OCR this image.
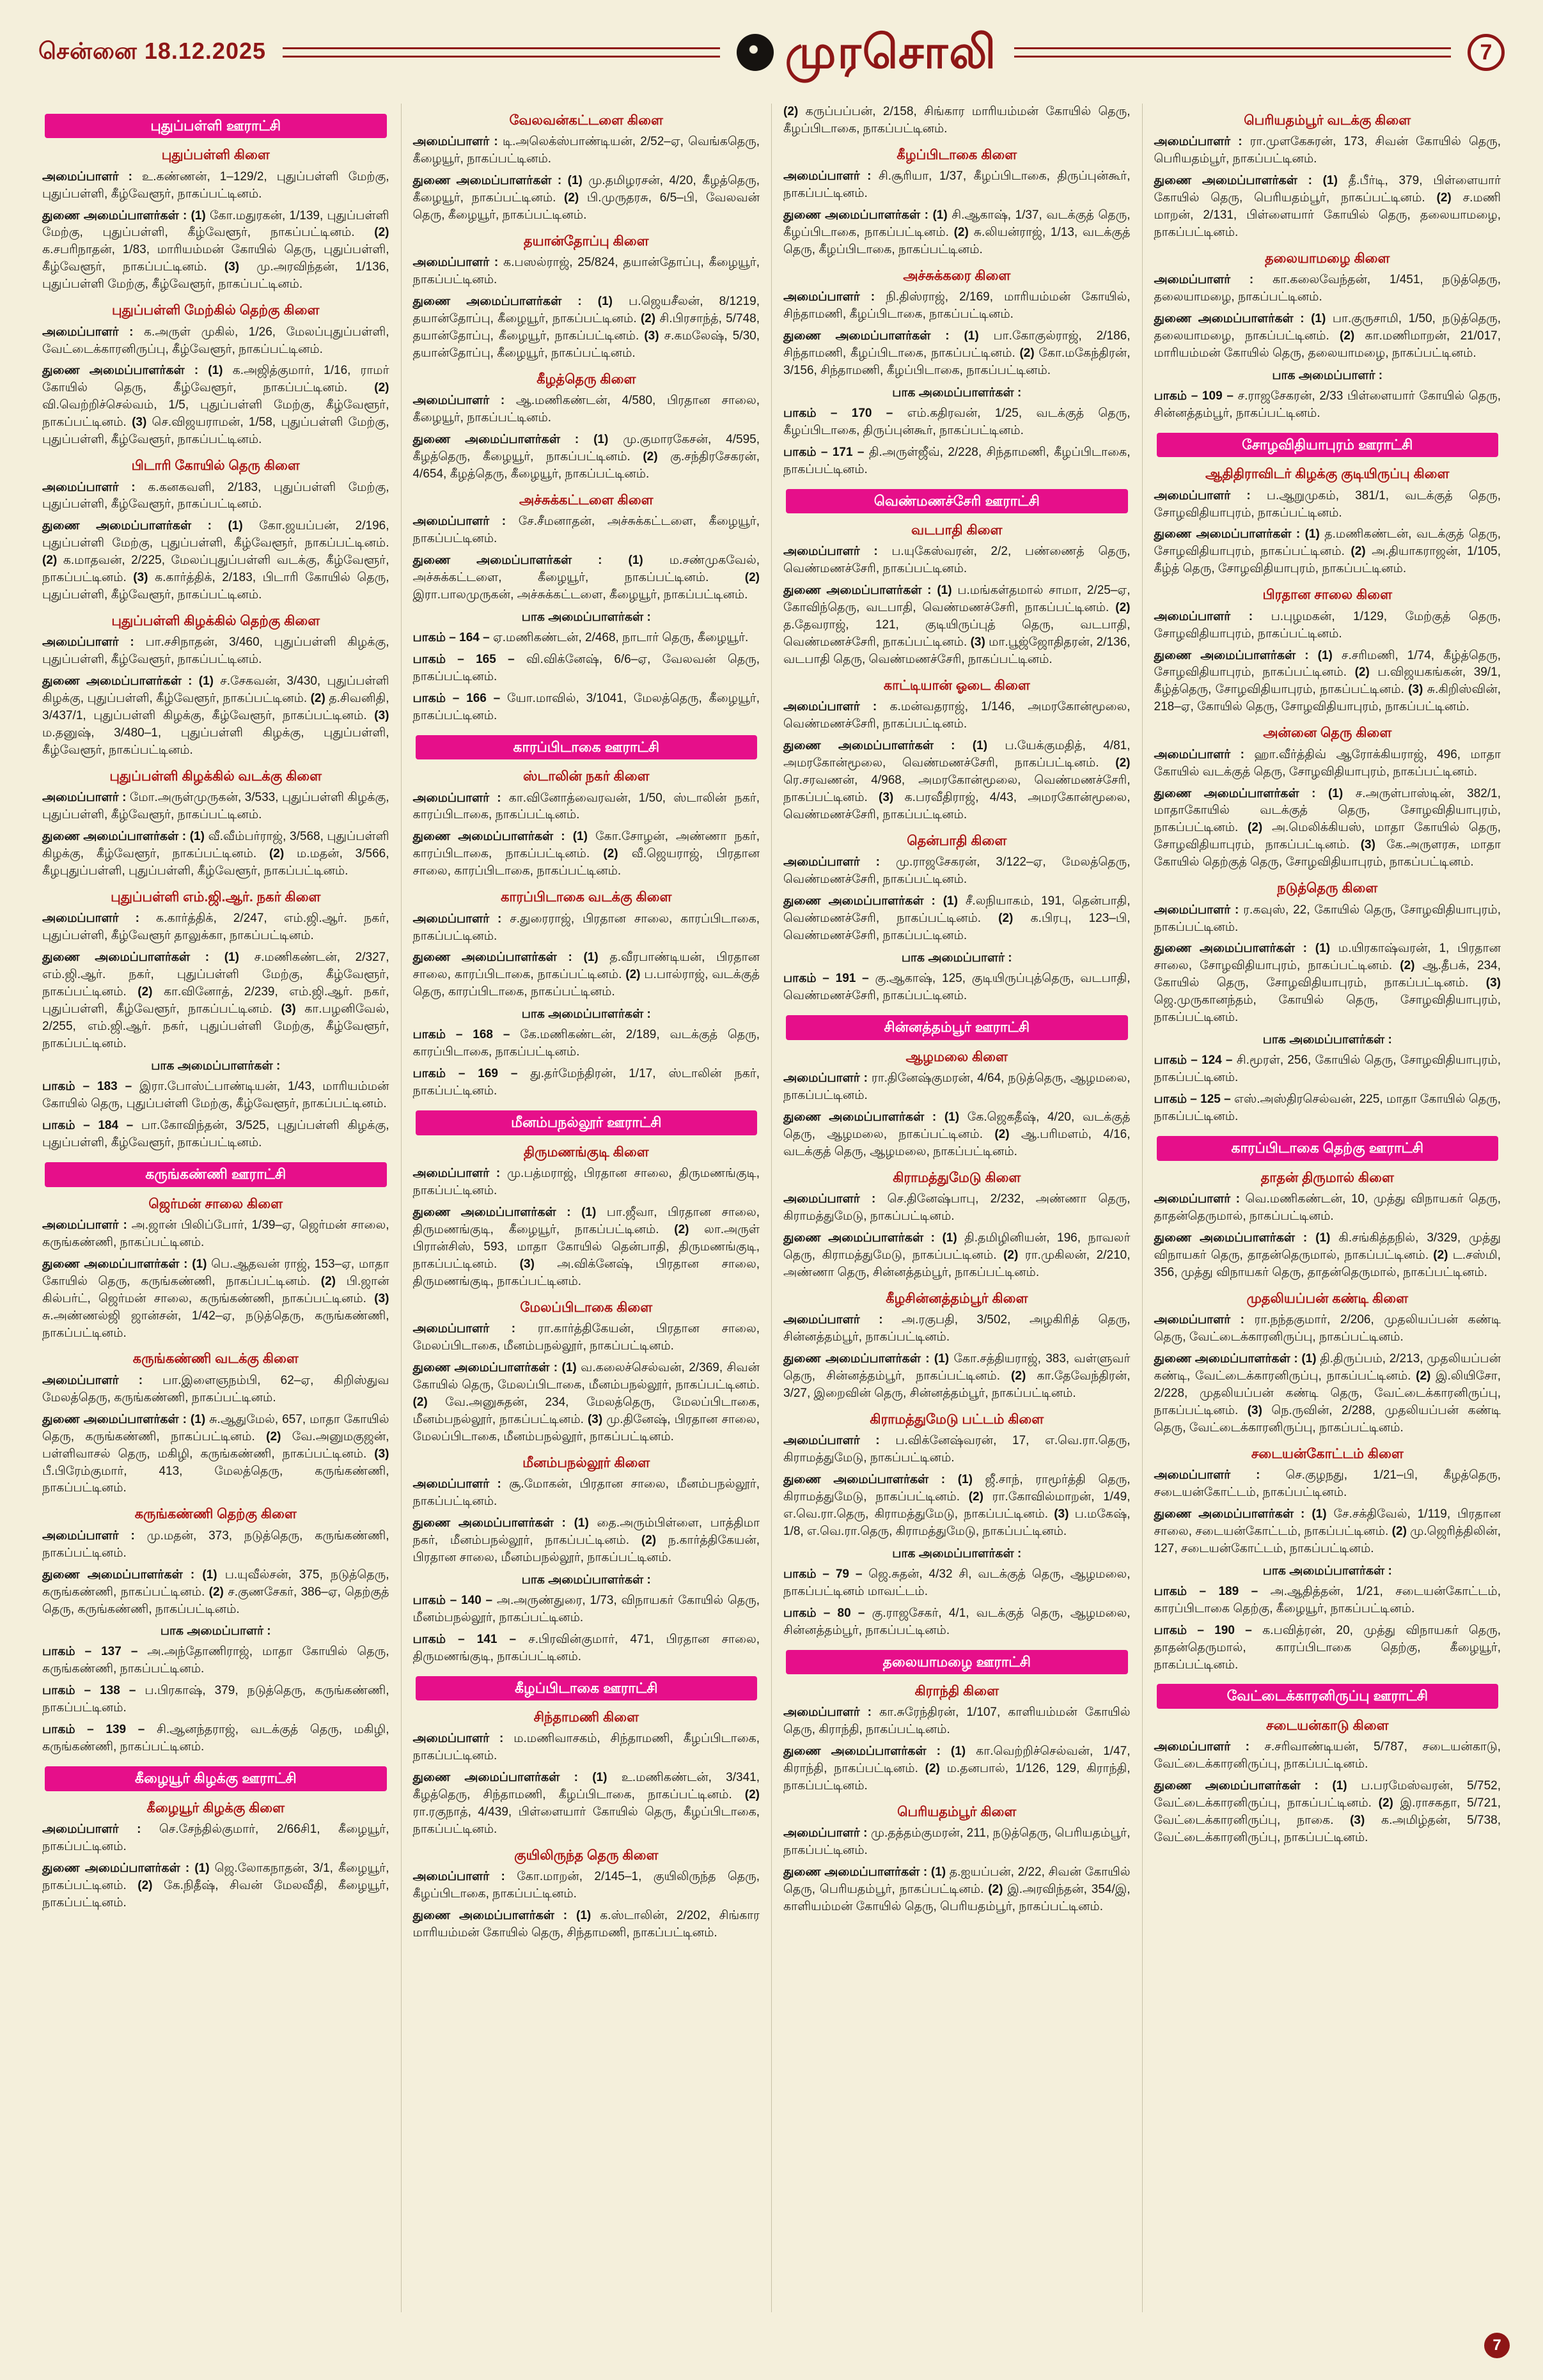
சென்னை 18.12.2025	முரசொலி	7
புதுப்பள்ளி ஊராட்சி
புதுப்பள்ளி கிளை

அமைப்பாளர் : உ.கண்ணன், 1–129/2, புதுப்பள்ளி மேற்கு, புதுப்பள்ளி, கீழ்வேளூர், நாகப்பட்டினம்.

துணை அமைப்பாளர்கள் : (1) கோ.மதுரகன், 1/139, புதுப்பள்ளி மேற்கு, புதுப்பள்ளி, கீழ்வேளூர், நாகப்பட்டினம். (2) க.சபரிநாதன், 1/83, மாரியம்மன் கோயில் தெரு, புதுப்பள்ளி, கீழ்வேளூர், நாகப்பட்டினம். (3) மு.அரவிந்தன், 1/136, புதுப்பள்ளி மேற்கு, கீழ்வேளூர், நாகப்பட்டினம்.

புதுப்பள்ளி மேற்கில் தெற்கு கிளை

அமைப்பாளர் : க.அருள் முகில், 1/26, மேலப்புதுப்பள்ளி, வேட்டைக்காரனிருப்பு, கீழ்வேளூர், நாகப்பட்டினம்.

துணை அமைப்பாளர்கள் : (1) க.அஜித்குமார், 1/16, ராமர் கோயில் தெரு, கீழ்வேளூர், நாகப்பட்டினம். (2) வி.வெற்றிச்செல்வம், 1/5, புதுப்பள்ளி மேற்கு, கீழ்வேளூர், நாகப்பட்டினம். (3) செ.விஜயராமன், 1/58, புதுப்பள்ளி மேற்கு, புதுப்பள்ளி, கீழ்வேளூர், நாகப்பட்டினம்.

பிடாரி கோயில் தெரு கிளை

அமைப்பாளர் : க.கனகவளி, 2/183, புதுப்பள்ளி மேற்கு, புதுப்பள்ளி, கீழ்வேளூர், நாகப்பட்டினம்.

துணை அமைப்பாளர்கள் : (1) கோ.ஜயப்பன், 2/196, புதுப்பள்ளி மேற்கு, புதுப்பள்ளி, கீழ்வேளூர், நாகப்பட்டினம். (2) க.மாதவன், 2/225, மேலப்புதுப்பள்ளி வடக்கு, கீழ்வேளூர், நாகப்பட்டினம். (3) க.கார்த்திக், 2/183, பிடாரி கோயில் தெரு, புதுப்பள்ளி, கீழ்வேளூர், நாகப்பட்டினம்.

புதுப்பள்ளி கிழக்கில் தெற்கு கிளை

அமைப்பாளர் : பா.சசிநாதன், 3/460, புதுப்பள்ளி கிழக்கு, புதுப்பள்ளி, கீழ்வேளூர், நாகப்பட்டினம்.

துணை அமைப்பாளர்கள் : (1) ச.சேகவன், 3/430, புதுப்பள்ளி கிழக்கு, புதுப்பள்ளி, கீழ்வேளூர், நாகப்பட்டினம். (2) த.சிவனிதி, 3/437/1, புதுப்பள்ளி கிழக்கு, கீழ்வேளூர், நாகப்பட்டினம். (3) ம.தனுஷ், 3/480–1, புதுப்பள்ளி கிழக்கு, புதுப்பள்ளி, கீழ்வேளூர், நாகப்பட்டினம்.

புதுப்பள்ளி கிழக்கில் வடக்கு கிளை

அமைப்பாளர் : மோ.அருள்முருகன், 3/533, புதுப்பள்ளி கிழக்கு, புதுப்பள்ளி, கீழ்வேளூர், நாகப்பட்டினம்.

துணை அமைப்பாளர்கள் : (1) வீ.வீம்பர்ராஜ், 3/568, புதுப்பள்ளி கிழக்கு, கீழ்வேளூர், நாகப்பட்டினம். (2) ம.மதன், 3/566, கீழபுதுப்பள்ளி, புதுப்பள்ளி, கீழ்வேளூர், நாகப்பட்டினம்.

புதுப்பள்ளி எம்.ஜி.ஆர். நகர் கிளை

அமைப்பாளர் : க.கார்த்திக், 2/247, எம்.ஜி.ஆர். நகர், புதுப்பள்ளி, கீழ்வேளூர் தாலுக்கா, நாகப்பட்டினம்.

துணை அமைப்பாளர்கள் : (1) ச.மணிகண்டன், 2/327, எம்.ஜி.ஆர். நகர், புதுப்பள்ளி மேற்கு, கீழ்வேளூர், நாகப்பட்டினம். (2) கா.வினோத், 2/239, எம்.ஜி.ஆர். நகர், புதுப்பள்ளி, கீழ்வேளூர், நாகப்பட்டினம். (3) கா.பழனிவேல், 2/255, எம்.ஜி.ஆர். நகர், புதுப்பள்ளி மேற்கு, கீழ்வேளூர், நாகப்பட்டினம்.

பாக அமைப்பாளர்கள் :

பாகம் – 183 – இரா.போஸ்ட்பாண்டியன், 1/43, மாரியம்மன் கோயில் தெரு, புதுப்பள்ளி மேற்கு, கீழ்வேளூர், நாகப்பட்டினம்.

பாகம் – 184 – பா.கோவிந்தன், 3/525, புதுப்பள்ளி கிழக்கு, புதுப்பள்ளி, கீழ்வேளூர், நாகப்பட்டினம்.

கருங்கண்ணி ஊராட்சி
ஜெர்மன் சாலை கிளை

அமைப்பாளர் : அ.ஜான் பிலிப்போர், 1/39–ஏ, ஜெர்மன் சாலை, கருங்கண்ணி, நாகப்பட்டினம்.

துணை அமைப்பாளர்கள் : (1) பெ.ஆதவன் ராஜ், 153–ஏ, மாதா கோயில் தெரு, கருங்கண்ணி, நாகப்பட்டினம். (2) பி.ஜான் கில்பர்ட், ஜெர்மன் சாலை, கருங்கண்ணி, நாகப்பட்டினம். (3) சு.அண்ணல்ஜி ஜான்சன், 1/42–ஏ, நடுத்தெரு, கருங்கண்ணி, நாகப்பட்டினம்.

கருங்கண்ணி வடக்கு கிளை

அமைப்பாளர் : பா.இளைஞநம்பி, 62–ஏ, கிறிஸ்துவ மேலத்தெரு, கருங்கண்ணி, நாகப்பட்டினம்.

துணை அமைப்பாளர்கள் : (1) சு.ஆதுமேல், 657, மாதா கோயில் தெரு, கருங்கண்ணி, நாகப்பட்டினம். (2) வே.அனுமகுஜன், பள்ளிவாசல் தெரு, மகிழி, கருங்கண்ணி, நாகப்பட்டினம். (3) பீ.பிரேம்குமார், 413, மேலத்தெரு, கருங்கண்ணி, நாகப்பட்டினம்.

கருங்கண்ணி தெற்கு கிளை

அமைப்பாளர் : மு.மதன், 373, நடுத்தெரு, கருங்கண்ணி, நாகப்பட்டினம்.

துணை அமைப்பாளர்கள் : (1) ப.யுவீல்சன், 375, நடுத்தெரு, கருங்கண்ணி, நாகப்பட்டினம். (2) ச.குணசேகர், 386–ஏ, தெற்குத் தெரு, கருங்கண்ணி, நாகப்பட்டினம்.

பாக அமைப்பாளர் :

பாகம் – 137 – அ.அந்தோணிராஜ், மாதா கோயில் தெரு, கருங்கண்ணி, நாகப்பட்டினம்.

பாகம் – 138 – ப.பிரகாஷ், 379, நடுத்தெரு, கருங்கண்ணி, நாகப்பட்டினம்.

பாகம் – 139 – சி.ஆனந்தராஜ், வடக்குத் தெரு, மகிழி, கருங்கண்ணி, நாகப்பட்டினம்.

கீழையூர் கிழக்கு ஊராட்சி
கீழையூர் கிழக்கு கிளை

அமைப்பாளர் : செ.சேந்தில்குமார், 2/66சி1, கீழையூர், நாகப்பட்டினம்.

துணை அமைப்பாளர்கள் : (1) ஜெ.லோகநாதன், 3/1, கீழையூர், நாகப்பட்டினம். (2) கே.நிதீஷ், சிவன் மேலவீதி, கீழையூர், நாகப்பட்டினம்.

வேலவன்கட்டளை கிளை

அமைப்பாளர் : டி.அலெக்ஸ்பாண்டியன், 2/52–ஏ, வெங்கதெரு, கீழையூர், நாகப்பட்டினம்.

துணை அமைப்பாளர்கள் : (1) மு.தமிழரசன், 4/20, கீழத்தெரு, கீழையூர், நாகப்பட்டினம். (2) பி.முருதரசு, 6/5–பி, வேலவன் தெரு, கீழையூர், நாகப்பட்டினம்.

தயான்தோப்பு கிளை

அமைப்பாளர் : க.பஸல்ராஜ், 25/824, தயான்தோப்பு, கீழையூர், நாகப்பட்டினம்.

துணை அமைப்பாளர்கள் : (1) ப.ஜெயசீலன், 8/1219, தயான்தோப்பு, கீழையூர், நாகப்பட்டினம். (2) சி.பிரசாந்த், 5/748, தயான்தோப்பு, கீழையூர், நாகப்பட்டினம். (3) ச.கமலேஷ், 5/30, தயான்தோப்பு, கீழையூர், நாகப்பட்டினம்.

கீழத்தெரு கிளை

அமைப்பாளர் : ஆ.மணிகண்டன், 4/580, பிரதான சாலை, கீழையூர், நாகப்பட்டினம்.

துணை அமைப்பாளர்கள் : (1) மு.குமாரகேசன், 4/595, கீழத்தெரு, கீழையூர், நாகப்பட்டினம். (2) கு.சந்திரசேகரன், 4/654, கீழத்தெரு, கீழையூர், நாகப்பட்டினம்.

அச்சுக்கட்டளை கிளை

அமைப்பாளர் : சே.சீமனாதன், அச்சுக்கட்டளை, கீழையூர், நாகப்பட்டினம்.

துணை அமைப்பாளர்கள் : (1) ம.சண்முகவேல், அச்சுக்கட்டளை, கீழையூர், நாகப்பட்டினம். (2) இரா.பாலமுருகன், அச்சுக்கட்டளை, கீழையூர், நாகப்பட்டினம்.

பாக அமைப்பாளர்கள் :

பாகம் – 164 – ஏ.மணிகண்டன், 2/468, நாடார் தெரு, கீழையூர்.

பாகம் – 165 – வி.விக்னேஷ், 6/6–ஏ, வேலவன் தெரு, நாகப்பட்டினம்.

பாகம் – 166 – யோ.மாவில், 3/1041, மேலத்தெரு, கீழையூர், நாகப்பட்டினம்.

காரப்பிடாகை ஊராட்சி
ஸ்டாலின் நகர் கிளை

அமைப்பாளர் : கா.வினோத்வைரவன், 1/50, ஸ்டாலின் நகர், காரப்பிடாகை, நாகப்பட்டினம்.

துணை அமைப்பாளர்கள் : (1) கோ.சோழன், அண்ணா நகர், காரப்பிடாகை, நாகப்பட்டினம். (2) வீ.ஜெயராஜ், பிரதான சாலை, காரப்பிடாகை, நாகப்பட்டினம்.

காரப்பிடாகை வடக்கு கிளை

அமைப்பாளர் : ச.துரைராஜ், பிரதான சாலை, காரப்பிடாகை, நாகப்பட்டினம்.

துணை அமைப்பாளர்கள் : (1) த.வீரபாண்டியன், பிரதான சாலை, காரப்பிடாகை, நாகப்பட்டினம். (2) ப.பால்ராஜ், வடக்குத் தெரு, காரப்பிடாகை, நாகப்பட்டினம்.

பாக அமைப்பாளர்கள் :

பாகம் – 168 – கே.மணிகண்டன், 2/189, வடக்குத் தெரு, காரப்பிடாகை, நாகப்பட்டினம்.

பாகம் – 169 – து.தர்மேந்திரன், 1/17, ஸ்டாலின் நகர், நாகப்பட்டினம்.

மீனம்பநல்லூர் ஊராட்சி
திருமணங்குடி கிளை

அமைப்பாளர் : மு.பத்மராஜ், பிரதான சாலை, திருமணங்குடி, நாகப்பட்டினம்.

துணை அமைப்பாளர்கள் : (1) பா.ஜீவா, பிரதான சாலை, திருமணங்குடி, கீழையூர், நாகப்பட்டினம். (2) லா.அருள் பிரான்சிஸ், 593, மாதா கோயில் தென்பாதி, திருமணங்குடி, நாகப்பட்டினம். (3) அ.விக்னேஷ், பிரதான சாலை, திருமணங்குடி, நாகப்பட்டினம்.

மேலப்பிடாகை கிளை

அமைப்பாளர் : ரா.கார்த்திகேயன், பிரதான சாலை, மேலப்பிடாகை, மீனம்பநல்லூர், நாகப்பட்டினம்.

துணை அமைப்பாளர்கள் : (1) வ.கலைச்செல்வன், 2/369, சிவன் கோயில் தெரு, மேலப்பிடாகை, மீனம்பநல்லூர், நாகப்பட்டினம். (2) வே.அனுசுதன், 234, மேலத்தெரு, மேலப்பிடாகை, மீனம்பநல்லூர், நாகப்பட்டினம். (3) மு.தினேஷ், பிரதான சாலை, மேலப்பிடாகை, மீனம்பநல்லூர், நாகப்பட்டினம்.

மீனம்பநல்லூர் கிளை

அமைப்பாளர் : சூ.மோகன், பிரதான சாலை, மீனம்பநல்லூர், நாகப்பட்டினம்.

துணை அமைப்பாளர்கள் : (1) தை.அரும்பிள்ளை, பாத்திமா நகர், மீனம்பநல்லூர், நாகப்பட்டினம். (2) ந.கார்த்திகேயன், பிரதான சாலை, மீனம்பநல்லூர், நாகப்பட்டினம்.

பாக அமைப்பாளர்கள் :

பாகம் – 140 – அ.அருண்துரை, 1/73, விநாயகர் கோயில் தெரு, மீனம்பநல்லூர், நாகப்பட்டினம்.

பாகம் – 141 – ச.பிரவின்குமார், 471, பிரதான சாலை, திருமணங்குடி, நாகப்பட்டினம்.

கீழப்பிடாகை ஊராட்சி
சிந்தாமணி கிளை

அமைப்பாளர் : ம.மணிவாசகம், சிந்தாமணி, கீழப்பிடாகை, நாகப்பட்டினம்.

துணை அமைப்பாளர்கள் : (1) உ.மணிகண்டன், 3/341, கீழத்தெரு, சிந்தாமணி, கீழப்பிடாகை, நாகப்பட்டினம். (2) ரா.ரகுநாத், 4/439, பிள்ளையார் கோயில் தெரு, கீழப்பிடாகை, நாகப்பட்டினம்.

குயிலிருந்த தெரு கிளை

அமைப்பாளர் : கோ.மாறன், 2/145–1, குயிலிருந்த தெரு, கீழப்பிடாகை, நாகப்பட்டினம்.

துணை அமைப்பாளர்கள் : (1) க.ஸ்டாலின், 2/202, சிங்கார மாரியம்மன் கோயில் தெரு, சிந்தாமணி, நாகப்பட்டினம்.

(2) கருப்பப்பன், 2/158, சிங்கார மாரியம்மன் கோயில் தெரு, கீழப்பிடாகை, நாகப்பட்டினம்.

கீழப்பிடாகை கிளை

அமைப்பாளர் : சி.சூரியா, 1/37, கீழப்பிடாகை, திருப்புன்கூர், நாகப்பட்டினம்.

துணை அமைப்பாளர்கள் : (1) சி.ஆகாஷ், 1/37, வடக்குத் தெரு, கீழப்பிடாகை, நாகப்பட்டினம். (2) சு.லியன்ராஜ், 1/13, வடக்குத் தெரு, கீழப்பிடாகை, நாகப்பட்டினம்.

அச்சுக்கரை கிளை

அமைப்பாளர் : நி.திஸ்ராஜ், 2/169, மாரியம்மன் கோயில், சிந்தாமணி, கீழப்பிடாகை, நாகப்பட்டினம்.

துணை அமைப்பாளர்கள் : (1) பா.கோகுல்ராஜ், 2/186, சிந்தாமணி, கீழப்பிடாகை, நாகப்பட்டினம். (2) கோ.மகேந்திரன், 3/156, சிந்தாமணி, கீழப்பிடாகை, நாகப்பட்டினம்.

பாக அமைப்பாளர்கள் :

பாகம் – 170 – எம்.கதிரவன், 1/25, வடக்குத் தெரு, கீழப்பிடாகை, திருப்புன்கூர், நாகப்பட்டினம்.

பாகம் – 171 – தி.அருள்ஜீவ், 2/228, சிந்தாமணி, கீழப்பிடாகை, நாகப்பட்டினம்.

வெண்மணச்சேரி ஊராட்சி
வடபாதி கிளை

அமைப்பாளர் : ப.யுகேஸ்வரன், 2/2, பண்ணைத் தெரு, வெண்மணச்சேரி, நாகப்பட்டினம்.

துணை அமைப்பாளர்கள் : (1) ப.மங்கள்தமால் சாமா, 2/25–ஏ, கோவிந்தெரு, வடபாதி, வெண்மணச்சேரி, நாகப்பட்டினம். (2) த.தேவராஜ், 121, குடியிருப்புத் தெரு, வடபாதி, வெண்மணச்சேரி, நாகப்பட்டினம். (3) மா.பூஜ்ஜோதிதரன், 2/136, வடபாதி தெரு, வெண்மணச்சேரி, நாகப்பட்டினம்.

காட்டியான் ஓடை கிளை

அமைப்பாளர் : க.மன்வதராஜ், 1/146, அமரகோன்மூலை, வெண்மணச்சேரி, நாகப்பட்டினம்.

துணை அமைப்பாளர்கள் : (1) ப.யேக்குமதித், 4/81, அமரகோன்மூலை, வெண்மணச்சேரி, நாகப்பட்டினம். (2) ரெ.சரவணன், 4/968, அமரகோன்மூலை, வெண்மணச்சேரி, நாகப்பட்டினம். (3) க.பரவீதிராஜ், 4/43, அமரகோன்மூலை, வெண்மணச்சேரி, நாகப்பட்டினம்.

தென்பாதி கிளை

அமைப்பாளர் : மு.ராஜசேகரன், 3/122–ஏ, மேலத்தெரு, வெண்மணச்சேரி, நாகப்பட்டினம்.

துணை அமைப்பாளர்கள் : (1) சீ.லநியாகம், 191, தென்பாதி, வெண்மணச்சேரி, நாகப்பட்டினம். (2) க.பிரபு, 123–பி, வெண்மணச்சேரி, நாகப்பட்டினம்.

பாக அமைப்பாளர் :

பாகம் – 191 – கு.ஆகாஷ், 125, குடியிருப்புத்தெரு, வடபாதி, வெண்மணச்சேரி, நாகப்பட்டினம்.

சின்னத்தம்பூர் ஊராட்சி
ஆழமலை கிளை

அமைப்பாளர் : ரா.தினேஷ்குமரன், 4/64, நடுத்தெரு, ஆழமலை, நாகப்பட்டினம்.

துணை அமைப்பாளர்கள் : (1) கே.ஜெகதீஷ், 4/20, வடக்குத் தெரு, ஆழமலை, நாகப்பட்டினம். (2) ஆ.பரிமளம், 4/16, வடக்குத் தெரு, ஆழமலை, நாகப்பட்டினம்.

கிராமத்துமேடு கிளை

அமைப்பாளர் : செ.தினேஷ்பாபு, 2/232, அண்ணா தெரு, கிராமத்துமேடு, நாகப்பட்டினம்.

துணை அமைப்பாளர்கள் : (1) தி.தமிழினியன், 196, நாவலர் தெரு, கிராமத்துமேடு, நாகப்பட்டினம். (2) ரா.முகிலன், 2/210, அண்ணா தெரு, சின்னத்தம்பூர், நாகப்பட்டினம்.

கீழசின்னத்தம்பூர் கிளை

அமைப்பாளர் : அ.ரகுபதி, 3/502, அழகிரித் தெரு, சின்னத்தம்பூர், நாகப்பட்டினம்.

துணை அமைப்பாளர்கள் : (1) கோ.சத்தியராஜ், 383, வள்ளுவர் தெரு, சின்னத்தம்பூர், நாகப்பட்டினம். (2) கா.தேவேந்திரன், 3/27, இறைவின் தெரு, சின்னத்தம்பூர், நாகப்பட்டினம்.

கிராமத்துமேடு பட்டம் கிளை

அமைப்பாளர் : ப.விக்னேஷ்வரன், 17, எ.வெ.ரா.தெரு, கிராமத்துமேடு, நாகப்பட்டினம்.

துணை அமைப்பாளர்கள் : (1) ஜீ.சாந், ராமூர்த்தி தெரு, கிராமத்துமேடு, நாகப்பட்டினம். (2) ரா.கோவில்மாறன், 1/49, எ.வெ.ரா.தெரு, கிராமத்துமேடு, நாகப்பட்டினம். (3) ப.மகேஷ், 1/8, எ.வெ.ரா.தெரு, கிராமத்துமேடு, நாகப்பட்டினம்.

பாக அமைப்பாளர்கள் :

பாகம் – 79 – ஜெ.சுதன், 4/32 சி, வடக்குத் தெரு, ஆழமலை, நாகப்பட்டினம் மாவட்டம்.

பாகம் – 80 – கு.ராஜசேகர், 4/1, வடக்குத் தெரு, ஆழமலை, சின்னத்தம்பூர், நாகப்பட்டினம்.

தலையாமழை ஊராட்சி
கிராந்தி கிளை

அமைப்பாளர் : கா.சுரேந்திரன், 1/107, காளியம்மன் கோயில் தெரு, கிராந்தி, நாகப்பட்டினம்.

துணை அமைப்பாளர்கள் : (1) கா.வெற்றிச்செல்வன், 1/47, கிராந்தி, நாகப்பட்டினம். (2) ம.தனபால், 1/126, 129, கிராந்தி, நாகப்பட்டினம்.

பெரியதம்பூர் கிளை

அமைப்பாளர் : மு.தத்தம்குமரன், 211, நடுத்தெரு, பெரியதம்பூர், நாகப்பட்டினம்.

துணை அமைப்பாளர்கள் : (1) த.ஐயப்பன், 2/22, சிவன் கோயில் தெரு, பெரியதம்பூர், நாகப்பட்டினம். (2) இ.அரவிந்தன், 354/இ, காளியம்மன் கோயில் தெரு, பெரியதம்பூர், நாகப்பட்டினம்.

பெரியதம்பூர் வடக்கு கிளை

அமைப்பாளர் : ரா.முளகேசுரன், 173, சிவன் கோயில் தெரு, பெரியதம்பூர், நாகப்பட்டினம்.

துணை அமைப்பாளர்கள் : (1) தீ.பீர்டி, 379, பிள்ளையார் கோயில் தெரு, பெரியதம்பூர், நாகப்பட்டினம். (2) ச.மணி மாறன், 2/131, பிள்ளையார் கோயில் தெரு, தலையாமழை, நாகப்பட்டினம்.

தலையாமழை கிளை

அமைப்பாளர் : கா.கலைவேந்தன், 1/451, நடுத்தெரு, தலையாமழை, நாகப்பட்டினம்.

துணை அமைப்பாளர்கள் : (1) பா.குருசாமி, 1/50, நடுத்தெரு, தலையாமழை, நாகப்பட்டினம். (2) கா.மணிமாறன், 21/017, மாரியம்மன் கோயில் தெரு, தலையாமழை, நாகப்பட்டினம்.

பாக அமைப்பாளர் :

பாகம் – 109 – ச.ராஜசேகரன், 2/33 பிள்ளையார் கோயில் தெரு, சின்னத்தம்பூர், நாகப்பட்டினம்.

சோழவிதியாபுரம் ஊராட்சி
ஆதிதிராவிடர் கிழக்கு குடியிருப்பு கிளை

அமைப்பாளர் : ப.ஆறுமுகம், 381/1, வடக்குத் தெரு, சோழவிதியாபுரம், நாகப்பட்டினம்.

துணை அமைப்பாளர்கள் : (1) த.மணிகண்டன், வடக்குத் தெரு, சோழவிதியாபுரம், நாகப்பட்டினம். (2) அ.தியாகராஜன், 1/105, கீழ்த் தெரு, சோழவிதியாபுரம், நாகப்பட்டினம்.

பிரதான சாலை கிளை

அமைப்பாளர் : ப.புழமகன், 1/129, மேற்குத் தெரு, சோழவிதியாபுரம், நாகப்பட்டினம்.

துணை அமைப்பாளர்கள் : (1) ச.சரிமணி, 1/74, கீழ்த்தெரு, சோழவிதியாபுரம், நாகப்பட்டினம். (2) ப.விஜயகங்கன், 39/1, கீழ்த்தெரு, சோழவிதியாபுரம், நாகப்பட்டினம். (3) சு.கிறிஸ்வின், 218–ஏ, கோயில் தெரு, சோழவிதியாபுரம், நாகப்பட்டினம்.

அன்னை தெரு கிளை

அமைப்பாளர் : ஹா.வீர்த்திவ் ஆரோக்கியராஜ், 496, மாதா கோயில் வடக்குத் தெரு, சோழவிதியாபுரம், நாகப்பட்டினம்.

துணை அமைப்பாளர்கள் : (1) ச.அருள்பாஸ்டின், 382/1, மாதாகோயில் வடக்குத் தெரு, சோழவிதியாபுரம், நாகப்பட்டினம். (2) அ.மெலிக்கியஸ், மாதா கோயில் தெரு, சோழவிதியாபுரம், நாகப்பட்டினம். (3) கே.அருளரசு, மாதா கோயில் தெற்குத் தெரு, சோழவிதியாபுரம், நாகப்பட்டினம்.

நடுத்தெரு கிளை

அமைப்பாளர் : ர.கவுஸ், 22, கோயில் தெரு, சோழவிதியாபுரம், நாகப்பட்டினம்.

துணை அமைப்பாளர்கள் : (1) ம.யிரகாஷ்வரன், 1, பிரதான சாலை, சோழவிதியாபுரம், நாகப்பட்டினம். (2) ஆ.தீபக், 234, கோயில் தெரு, சோழவிதியாபுரம், நாகப்பட்டினம். (3) ஜெ.முருகானந்தம், கோயில் தெரு, சோழவிதியாபுரம், நாகப்பட்டினம்.

பாக அமைப்பாளர்கள் :

பாகம் – 124 – சி.மூரள், 256, கோயில் தெரு, சோழவிதியாபுரம், நாகப்பட்டினம்.

பாகம் – 125 – எஸ்.அஸ்திரசெல்வன், 225, மாதா கோயில் தெரு, நாகப்பட்டினம்.

காரப்பிடாகை தெற்கு ஊராட்சி
தாதன் திருமால் கிளை

அமைப்பாளர் : வெ.மணிகண்டன், 10, முத்து விநாயகர் தெரு, தாதன்தெருமால், நாகப்பட்டினம்.

துணை அமைப்பாளர்கள் : (1) கி.சங்கித்தநில், 3/329, முத்து விநாயகர் தெரு, தாதன்தெருமால், நாகப்பட்டினம். (2) ட.சஸ்மி, 356, முத்து விநாயகர் தெரு, தாதன்தெருமால், நாகப்பட்டினம்.

முதலியப்பன் கண்டி கிளை

அமைப்பாளர் : ரா.நந்தகுமார், 2/206, முதலியப்பன் கண்டி தெரு, வேட்டைக்காரனிருப்பு, நாகப்பட்டினம்.

துணை அமைப்பாளர்கள் : (1) தி.திருப்பம், 2/213, முதலியப்பன் கண்டி, வேட்டைக்காரனிருப்பு, நாகப்பட்டினம். (2) இ.லியிசோ, 2/228, முதலியப்பன் கண்டி தெரு, வேட்டைக்காரனிருப்பு, நாகப்பட்டினம். (3) நெ.ருவின், 2/288, முதலியப்பன் கண்டி தெரு, வேட்டைக்காரனிருப்பு, நாகப்பட்டினம்.

சடையன்கோட்டம் கிளை

அமைப்பாளர் : செ.குழநது, 1/21–பி, கீழத்தெரு, சடையன்கோட்டம், நாகப்பட்டினம்.

துணை அமைப்பாளர்கள் : (1) சே.சக்திவேல், 1/119, பிரதான சாலை, சடையன்கோட்டம், நாகப்பட்டினம். (2) மு.ஜெரித்திலின், 127, சடையன்கோட்டம், நாகப்பட்டினம்.

பாக அமைப்பாளர்கள் :

பாகம் – 189 – அ.ஆதித்தன், 1/21, சடையன்கோட்டம், காரப்பிடாகை தெற்கு, கீழையூர், நாகப்பட்டினம்.

பாகம் – 190 – க.பவித்ரன், 20, முத்து விநாயகர் தெரு, தாதன்தெருமால், காரப்பிடாகை தெற்கு, கீழையூர், நாகப்பட்டினம்.

வேட்டைக்காரனிருப்பு ஊராட்சி
சடையன்காடு கிளை

அமைப்பாளர் : ச.சரிவாண்டியன், 5/787, சடையன்காடு, வேட்டைக்காரனிருப்பு, நாகப்பட்டினம்.

துணை அமைப்பாளர்கள் : (1) ப.பரமேஸ்வரன், 5/752, வேட்டைக்காரனிருப்பு, நாகப்பட்டினம். (2) இ.ராசகதா, 5/721, வேட்டைக்காரனிருப்பு, நாகை. (3) க.அமிழ்தன், 5/738, வேட்டைக்காரனிருப்பு, நாகப்பட்டினம்.

7
